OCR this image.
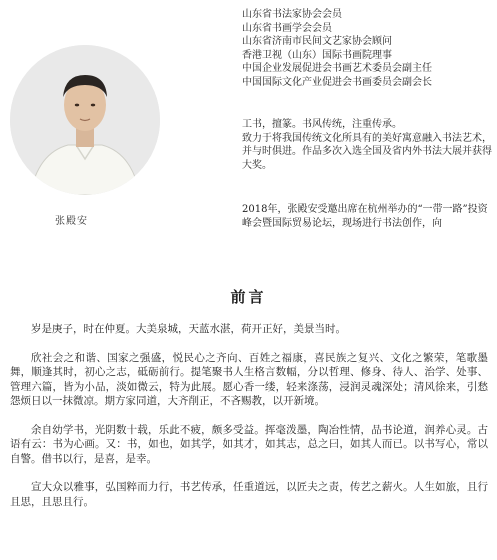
张殿安
山东省书法家协会会员
山东省书画学会会员
山东省济南市民间文艺家协会顾问
香港卫视（山东）国际书画院理事
中国企业发展促进会书画艺术委员会副主任
中国国际文化产业促进会书画委员会副会长

工书，擅篆。书风传统，注重传承。

致力于将我国传统文化所具有的美好寓意融入书法艺术，并与时俱进。作品多次入选全国及省内外书法大展并获得大奖。

2018年，张殿安受邀出席在杭州举办的“一带一路”投资峰会暨国际贸易论坛，现场进行书法创作，向
前言

岁是庚子，时在仲夏。大美泉城，天蓝水湛，荷开正好，美景当时。

欣社会之和谐、国家之强盛，悦民心之齐向、百姓之福康，喜民族之复兴、文化之繁荣，笔歌墨舞，顺逢其时，初心之志，砥砺前行。提笔聚书人生格言数幅，分以哲理、修身、待人、治学、处事、管理六篇，皆为小品，淡如微云，特为此展。愿心香一缕，轻来涤荡，浸润灵魂深处；清风徐来，引愁怨烦日以一抹微凉。期方家同道，大齐削正，不吝赐教，以开新境。

余自幼学书，光阴数十载，乐此不疲，颇多受益。挥毫泼墨，陶冶性情，品书论道，润养心灵。古语有云：书为心画。又：书，如也，如其学，如其才，如其志，总之曰，如其人而已。以书写心，常以自警。借书以行，是喜，是幸。

宣大众以雅事，弘国粹而力行，书艺传承，任重道远，以匠夫之责，传艺之薪火。人生如旅，且行且思，且思且行。
